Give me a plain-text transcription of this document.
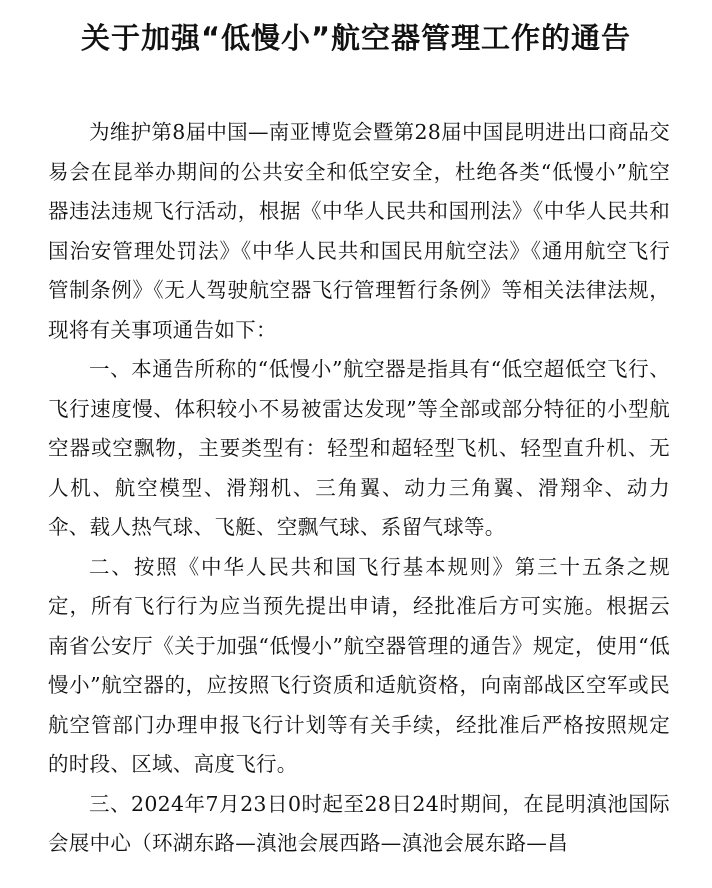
关于加强“低慢小”航空器管理工作的通告

为维护第8届中国—南亚博览会暨第28届中国昆明进出口商品交易会在昆举办期间的公共安全和低空安全，杜绝各类“低慢小”航空器违法违规飞行活动，根据《中华人民共和国刑法》《中华人民共和国治安管理处罚法》《中华人民共和国民用航空法》《通用航空飞行管制条例》《无人驾驶航空器飞行管理暂行条例》等相关法律法规，现将有关事项通告如下：

一、本通告所称的“低慢小”航空器是指具有“低空超低空飞行、飞行速度慢、体积较小不易被雷达发现”等全部或部分特征的小型航空器或空飘物，主要类型有：轻型和超轻型飞机、轻型直升机、无人机、航空模型、滑翔机、三角翼、动力三角翼、滑翔伞、动力伞、载人热气球、飞艇、空飘气球、系留气球等。

二、按照《中华人民共和国飞行基本规则》第三十五条之规定，所有飞行行为应当预先提出申请，经批准后方可实施。根据云南省公安厅《关于加强“低慢小”航空器管理的通告》规定，使用“低慢小”航空器的，应按照飞行资质和适航资格，向南部战区空军或民航空管部门办理申报飞行计划等有关手续，经批准后严格按照规定的时段、区域、高度飞行。

三、2024年7月23日0时起至28日24时期间，在昆明滇池国际会展中心（环湖东路—滇池会展西路—滇池会展东路—昌
